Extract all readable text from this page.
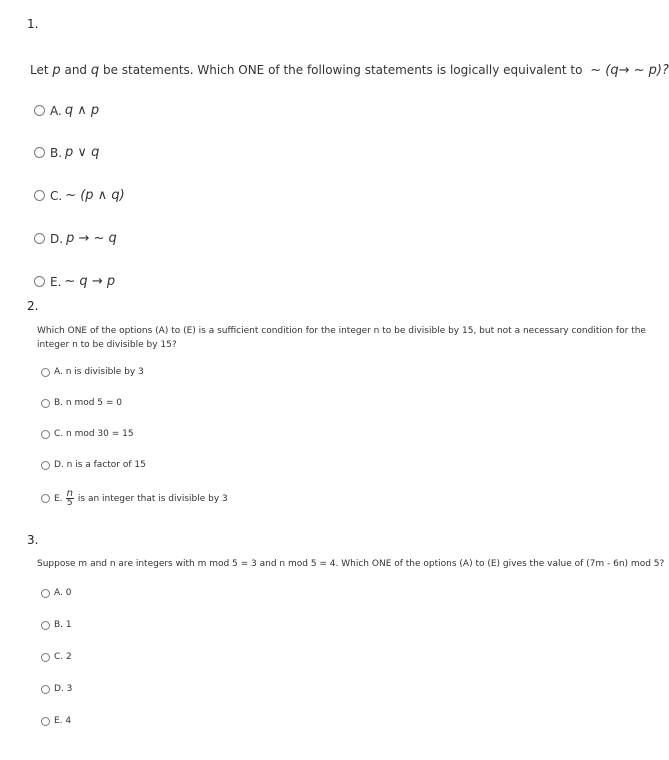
1.
Let p and q be statements. Which ONE of the following statements is logically equivalent to ~ (q→ ~ p)?
A. q ∧ p
B. p ∨ q
C. ~ (p ∧ q)
D. p → ~ q
E. ~ q → p
2.
Which ONE of the options (A) to (E) is a sufficient condition for the integer n to be divisible by 15, but not a necessary condition for the integer n to be divisible by 15?
A. n is divisible by 3
B. n mod 5 = 0
C. n mod 30 = 15
D. n is a factor of 15
E. $\frac{n}{5}$ is an integer that is divisible by 3
3.
Suppose m and n are integers with m mod 5 = 3 and n mod 5 = 4. Which ONE of the options (A) to (E) gives the value of (7m - 6n) mod 5?
A. 0
B. 1
C. 2
D. 3
E. 4
